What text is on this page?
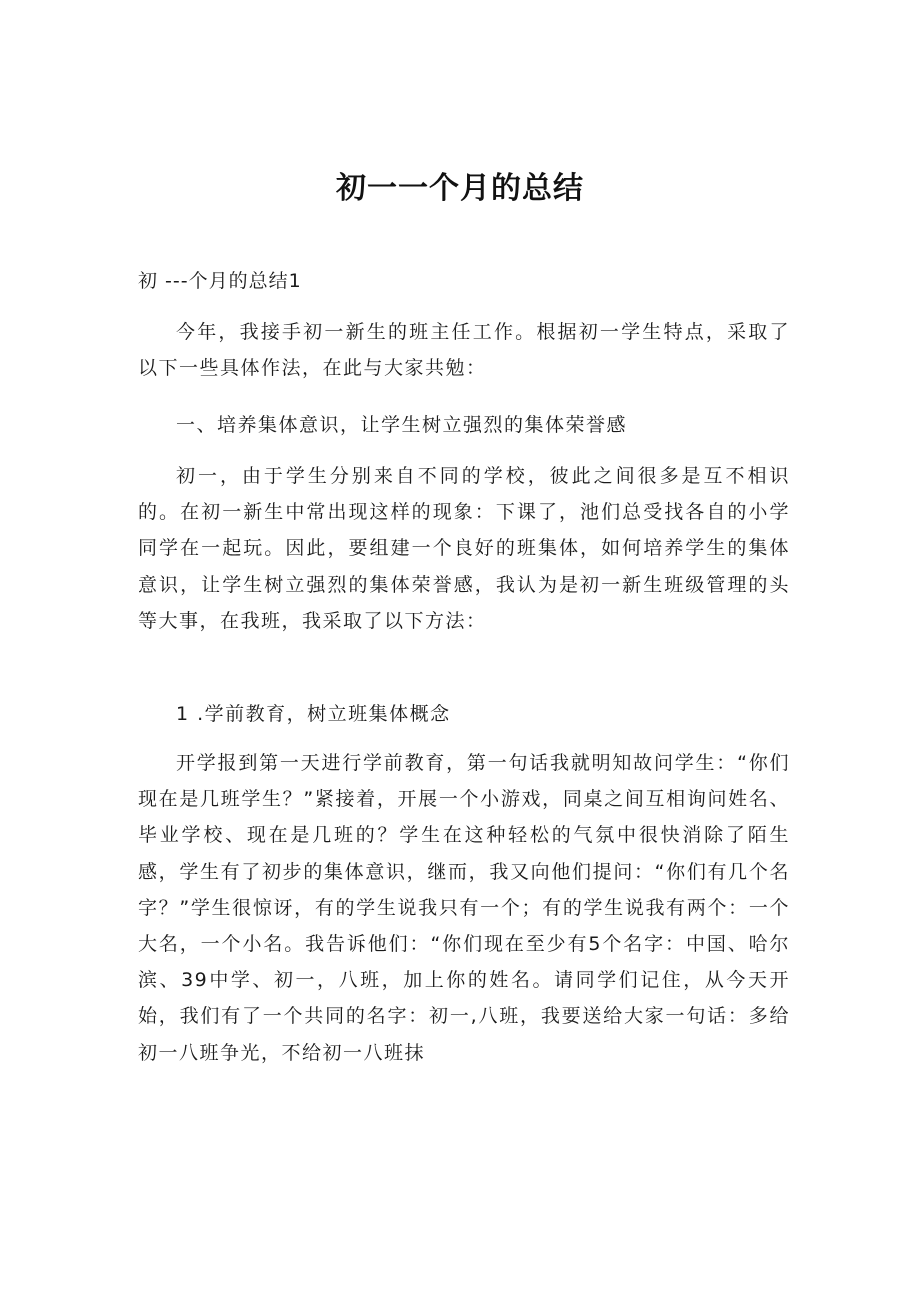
初一一个月的总结

初 ---个月的总结1

今年，我接手初一新生的班主任工作。根据初一学生特点，采取了以下一些具体作法，在此与大家共勉：

一、培养集体意识，让学生树立强烈的集体荣誉感

初一，由于学生分别来自不同的学校，彼此之间很多是互不相识的。在初一新生中常出现这样的现象：下课了，池们总受找各自的小学同学在一起玩。因此，要组建一个良好的班集体，如何培养学生的集体意识，让学生树立强烈的集体荣誉感，我认为是初一新生班级管理的头等大事，在我班，我采取了以下方法：

1 .学前教育，树立班集体概念

开学报到第一天进行学前教育，第一句话我就明知故问学生：“你们现在是几班学生？”紧接着，开展一个小游戏，同桌之间互相询问姓名、毕业学校、现在是几班的？学生在这种轻松的气氛中很快消除了陌生感，学生有了初步的集体意识，继而，我又向他们提问：“你们有几个名字？”学生很惊讶，有的学生说我只有一个；有的学生说我有两个：一个大名，一个小名。我告诉他们：“你们现在至少有5个名字：中国、哈尔滨、39中学、初一，八班，加上你的姓名。请同学们记住，从今天开始，我们有了一个共同的名字：初一,八班，我要送给大家一句话：多给初一八班争光，不给初一八班抹
